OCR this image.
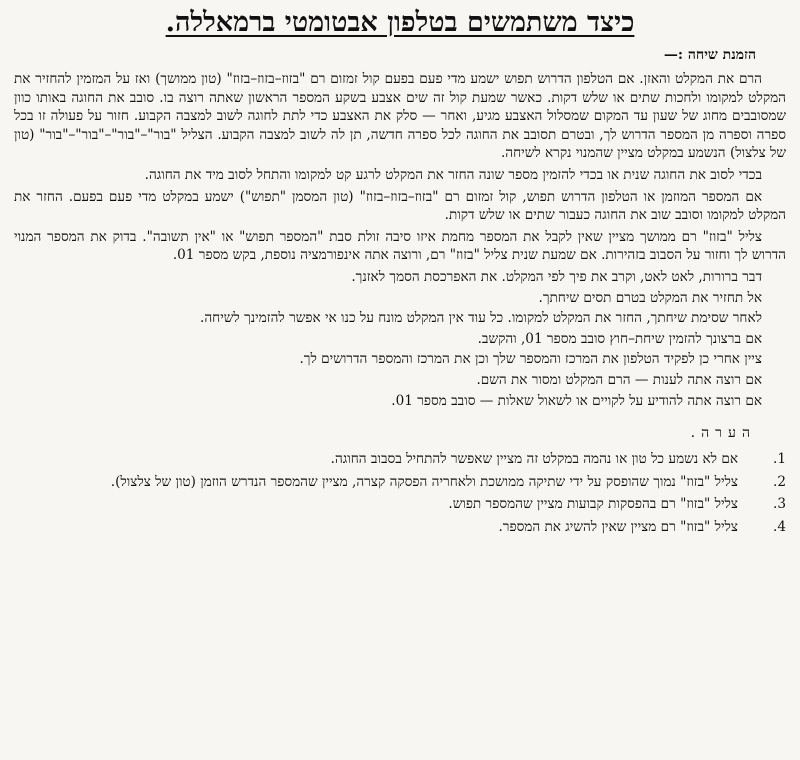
כיצד משתמשים בטלפון אבטומטי ברמאללה.
הזמנת שיחה :—

הרם את המקלט והאזן. אם הטלפון הדרוש תפוש ישמע מדי פעם בפעם קול זמזום רם "בזוז–בזוז–בזוז" (טון ממושך) ואז על המזמין להחזיר את המקלט למקומו ולחכות שתים או שלש דקות. כאשר שמעת קול זה שים אצבע בשקע המספר הראשון שאתה רוצה בו. סובב את החוגה באותו כוון שמסובבים מחוג של שעון עד המקום שמסלול האצבע מגיע, ואחר — סלק את האצבע כדי לתת לחוגה לשוב למצבה הקבוע. חזור על פעולה זו בכל ספרה וספרה מן המספר הדרוש לך, ובטרם תסובב את החוגה לכל ספרה חדשה, תן לה לשוב למצבה הקבוע. הצליל "בור"–"בור"–"בור"–"בור" (טון של צלצול) הנשמע במקלט מציין שהמנוי נקרא לשיחה.

בכדי לסוב את החוגה שנית או בכדי להזמין מספר שונה החזר את המקלט לרגע קט למקומו והתחל לסוב מיד את החוגה.

אם המספר המוזמן או הטלפון הדרוש תפוש, קול זמזום רם "בזוז–בזוז–בזוז" (טון המסמן "תפוש") ישמע במקלט מדי פעם בפעם. החזר את המקלט למקומו וסובב שוב את החוגה כעבור שתים או שלש דקות.

צליל "בזוז" רם ממושך מציין שאין לקבל את המספר מחמת איזו סיבה זולת סבת "המספר תפוש" או "אין תשובה". בדוק את המספר המנוי הדרוש לך וחזור על הסבוב בזהירות. אם שמעת שנית צליל "בזוז" רם, ורוצה אתה אינפורמציה נוספת, בקש מספר 01.

דבר ברורות, לאט לאט, וקרב את פיך לפי המקלט. את האפרכסת הסמך לאזנך.
אל תחזיר את המקלט בטרם תסים שיחתך.
לאחר שסימת שיחתך, החזר את המקלט למקומו. כל עוד אין המקלט מונח על כנו אי אפשר להזמינך לשיחה.
אם ברצונך להזמין שיחת–חוץ סובב מספר 01, והקשב.
ציין אחרי כן לפקיד הטלפון את המרכז והמספר שלך וכן את המרכז והמספר הדרושים לך.
אם רוצה אתה לענות — הרם המקלט ומסור את השם.
אם רוצה אתה להודיע על לקויים או לשאול שאלות — סובב מספר 01.
הערה.
1.
אם לא נשמע כל טון או נהמה במקלט זה מציין שאפשר להתחיל בסבוב החוגה.
2.
צליל "בזוז" נמוך שהופסק על ידי שתיקה ממושכת ולאחריה הפסקה קצרה, מציין שהמספר הנדרש הוזמן (טון של צלצול).
3.
צליל "בזוז" רם בהפסקות קבועות מציין שהמספר תפוש.
4.
צליל "בזוז" רם מציין שאין להשיג את המספר.
